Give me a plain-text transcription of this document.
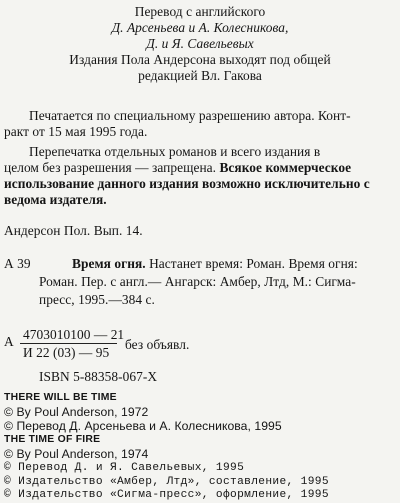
Перевод с английского
Д. Арсеньева и А. Колесникова,
Д. и Я. Савельевых
Издания Пола Андерсона выходят под общей
редакцией Вл. Гакова
Печатается по специальному разрешению автора. Конт-
ракт от 15 мая 1995 года.
Перепечатка отдельных романов и всего издания в
целом без разрешения — запрещена. Всякое коммерческое
использование данного издания возможно исключительно с
ведома издателя.
Андерсон Пол. Вып. 14.
А 39	Время огня. Настанет время: Роман. Время огня:
Роман. Пер. с англ.— Ангарск: Амбер, Лтд, М.: Сигма-
пресс, 1995.—384 с.
А 4703010100 — 21
И 22 (03) — 95
без объявл.
ISBN 5-88358-067-X
THERE WILL BE TIME
© By Poul Anderson, 1972
© Перевод Д. Арсеньева и А. Колесникова, 1995
THE TIME OF FIRE
© By Poul Anderson, 1974
© Перевод Д. и Я. Савельевых, 1995
© Издательство «Амбер, Лтд», составление, 1995
© Издательство «Сигма-пресс», оформление, 1995
